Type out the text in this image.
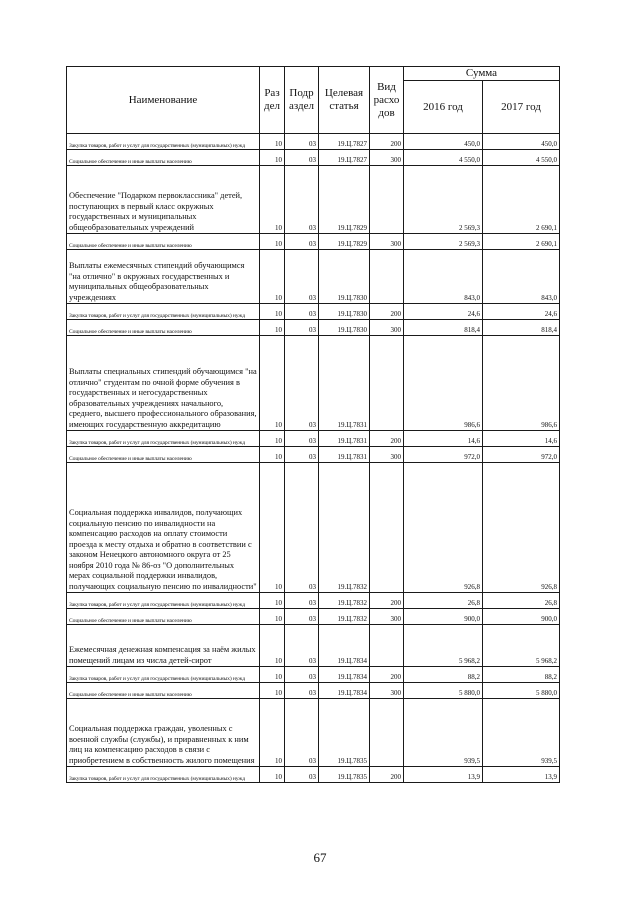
Наименование	Раз дел	Подр аздел	Целевая статья	Вид расхо дов	Сумма	
					2016 год	2017 год
Закупка товаров, работ и услуг для государственных (муниципальных) нужд	10	03	19.Ц.7827	200	450,0	450,0
Социальное обеспечение и иные выплаты населению	10	03	19.Ц.7827	300	4 550,0	4 550,0
Обеспечение "Подарком первоклассника" детей, поступающих в первый класс окружных государственных и муниципальных общеобразовательных учреждений	10	03	19.Ц.7829		2 569,3	2 690,1
Социальное обеспечение и иные выплаты населению	10	03	19.Ц.7829	300	2 569,3	2 690,1
Выплаты ежемесячных стипендий обучающимся "на отлично" в окружных государственных и муниципальных общеобразовательных учреждениях	10	03	19.Ц.7830		843,0	843,0
Закупка товаров, работ и услуг для государственных (муниципальных) нужд	10	03	19.Ц.7830	200	24,6	24,6
Социальное обеспечение и иные выплаты населению	10	03	19.Ц.7830	300	818,4	818,4
Выплаты специальных стипендий обучающимся "на отлично" студентам по очной форме обучения в государственных и негосударственных образовательных учреждениях начального, среднего, высшего профессионального образования, имеющих государственную аккредитацию	10	03	19.Ц.7831		986,6	986,6
Закупка товаров, работ и услуг для государственных (муниципальных) нужд	10	03	19.Ц.7831	200	14,6	14,6
Социальное обеспечение и иные выплаты населению	10	03	19.Ц.7831	300	972,0	972,0
Социальная поддержка инвалидов, получающих социальную пенсию по инвалидности на компенсацию расходов на оплату стоимости проезда к месту отдыха и обратно в соответствии с законом Ненецкого автономного округа от 25 ноября 2010 года № 86-оз "О дополнительных мерах социальной поддержки инвалидов, получающих социальную пенсию по инвалидности"	10	03	19.Ц.7832		926,8	926,8
Закупка товаров, работ и услуг для государственных (муниципальных) нужд	10	03	19.Ц.7832	200	26,8	26,8
Социальное обеспечение и иные выплаты населению	10	03	19.Ц.7832	300	900,0	900,0
Ежемесячная денежная компенсация за наём жилых помещений лицам из числа детей-сирот	10	03	19.Ц.7834		5 968,2	5 968,2
Закупка товаров, работ и услуг для государственных (муниципальных) нужд	10	03	19.Ц.7834	200	88,2	88,2
Социальное обеспечение и иные выплаты населению	10	03	19.Ц.7834	300	5 880,0	5 880,0
Социальная поддержка граждан, уволенных с военной службы (службы), и приравненных к ним лиц на компенсацию расходов в связи с приобретением в собственность жилого помещения	10	03	19.Ц.7835		939,5	939,5
Закупка товаров, работ и услуг для государственных (муниципальных) нужд	10	03	19.Ц.7835	200	13,9	13,9
67
